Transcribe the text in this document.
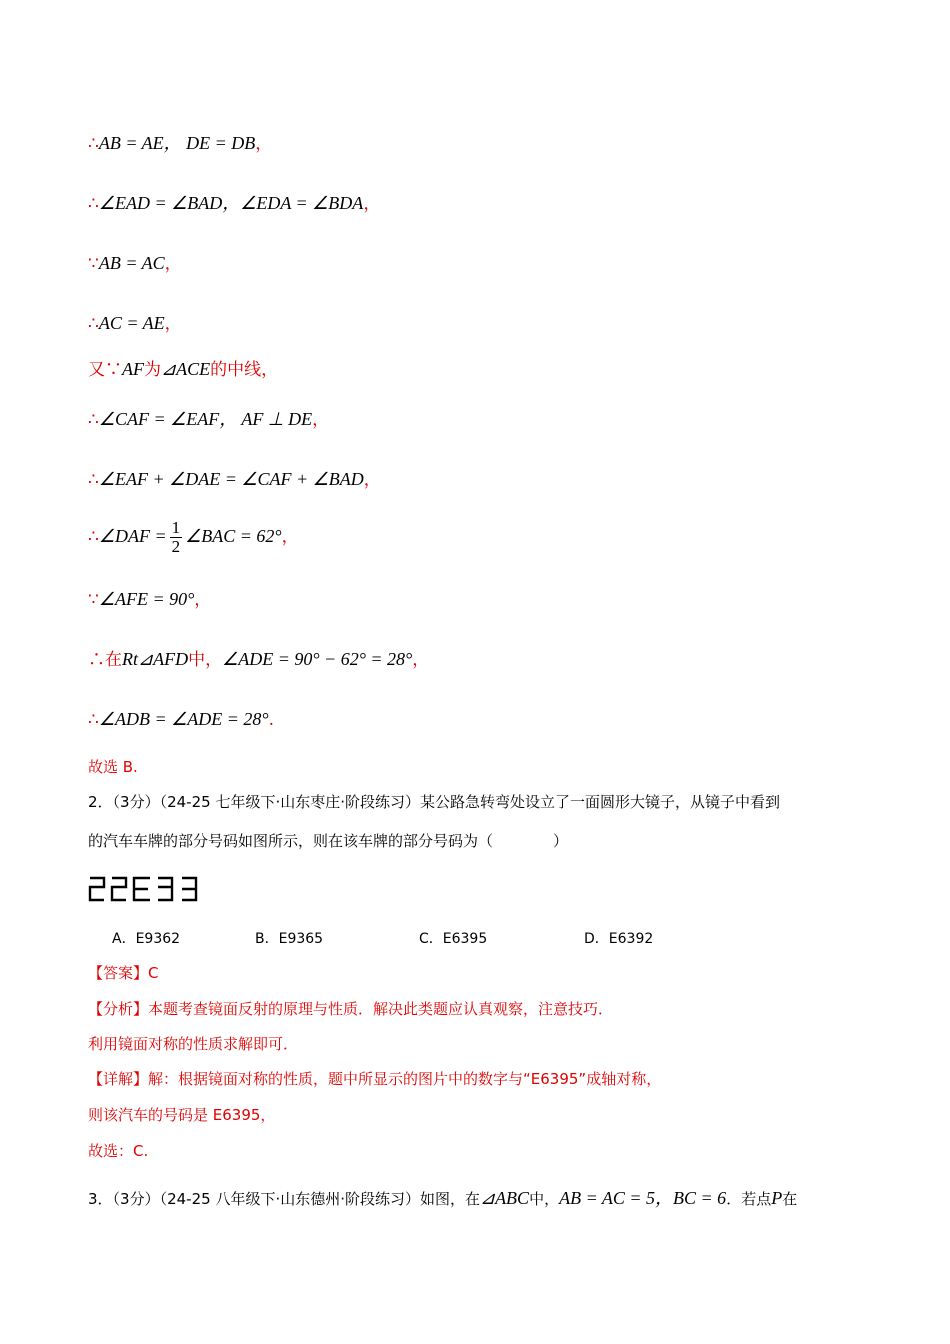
∴AB = AE， DE = DB，
∴∠EAD = ∠BAD，∠EDA = ∠BDA，
∵AB = AC，
∴AC = AE，
又∵AF为⊿ACE的中线，
∴∠CAF = ∠EAF， AF ⊥ DE，
∴∠EAF + ∠DAE = ∠CAF + ∠BAD，
∴∠DAF = $\frac{1}{2}$ ∠BAC = 62°，
∵∠AFE = 90°，
∴在Rt⊿AFD中，∠ADE = 90° − 62° = 28°，
∴∠ADB = ∠ADE = 28°.
故选 B.
2．（3分）（24-25 七年级下·山东枣庄·阶段练习）某公路急转弯处设立了一面圆形大镜子，从镜子中看到
的汽车车牌的部分号码如图所示，则在该车牌的部分号码为（　　　　）
A．E9362	B．E9365	C．E6395	D．E6392
【答案】C
【分析】本题考查镜面反射的原理与性质．解决此类题应认真观察，注意技巧．
利用镜面对称的性质求解即可．
【详解】解：根据镜面对称的性质，题中所显示的图片中的数字与“E6395”成轴对称，
则该汽车的号码是 E6395，
故选：C.
3．（3分）（24-25 八年级下·山东德州·阶段练习）如图，在⊿ABC中，AB = AC = 5，BC = 6．若点P在
